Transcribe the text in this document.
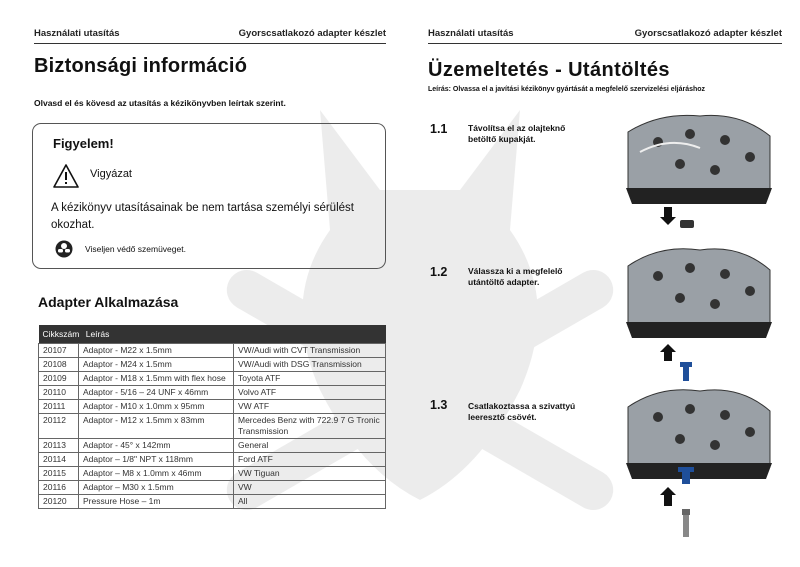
Használati utasítás	Gyorscsatlakozó adapter készlet
Biztonsági információ
Olvasd el és kövesd az utasítás a kézikönyvben leírtak szerint.
Figyelem!
Vigyázat
A kézikönyv utasításainak be nem tartása személyi sérülést okozhat.
Viseljen védő szemüveget.
Adapter Alkalmazása
Cikkszám Leírás		
20107	Adaptor - M22 x 1.5mm	VW/Audi with CVT Transmission
20108	Adaptor - M24 x 1.5mm	VW/Audi with DSG Transmission
20109	Adaptor - M18 x 1.5mm with flex hose	Toyota ATF
20110	Adaptor - 5/16 – 24 UNF x 46mm	Volvo ATF
20111	Adaptor - M10 x 1.0mm x 95mm	VW ATF
20112	Adaptor - M12 x 1.5mm x 83mm	Mercedes Benz with 722.9 7 G Tronic Transmission
20113	Adaptor - 45° x 142mm	General
20114	Adaptor – 1/8" NPT x 118mm	Ford ATF
20115	Adaptor – M8 x 1.0mm x 46mm	VW Tiguan
20116	Adaptor – M30 x 1.5mm	VW
20120	Pressure Hose – 1m	All
Használati utasítás	Gyorscsatlakozó adapter készlet
Üzemeltetés - Utántöltés
Leírás: Olvassa el a javítási kézikönyv gyártását a megfelelő szervizelési eljáráshoz
1.1 Távolítsa el az olajteknő betöltő kupakját.
1.2 Válassza ki a megfelelő utántöltő adapter.
1.3 Csatlakoztassa a szivattyú leeresztő csövét.
